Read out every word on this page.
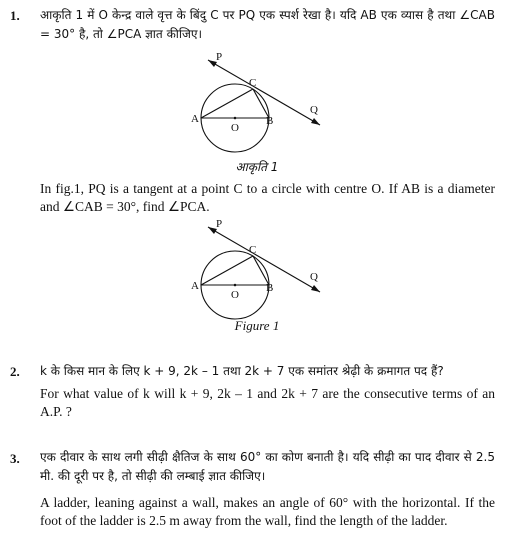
1. आकृति 1 में O केन्द्र वाले वृत्त के बिंदु C पर PQ एक स्पर्श रेखा है। यदि AB एक व्यास है तथा ∠CAB = 30° है, तो ∠PCA ज्ञात कीजिए।
P
Q
C
A	B
O
आकृति 1
In fig.1, PQ is a tangent at a point C to a circle with centre O. If AB is a diameter and ∠CAB = 30°, find ∠PCA.
P
Q
C
A	B
O
Figure 1
2. k के किस मान के लिए k + 9, 2k – 1 तथा 2k + 7 एक समांतर श्रेढ़ी के क्रमागत पद हैं?
For what value of k will k + 9, 2k – 1 and 2k + 7 are the consecutive terms of an A.P. ?
3. एक दीवार के साथ लगी सीढ़ी क्षैतिज के साथ 60° का कोण बनाती है। यदि सीढ़ी का पाद दीवार से 2.5 मी. की दूरी पर है, तो सीढ़ी की लम्बाई ज्ञात कीजिए।
A ladder, leaning against a wall, makes an angle of 60° with the horizontal. If the foot of the ladder is 2.5 m away from the wall, find the length of the ladder.
